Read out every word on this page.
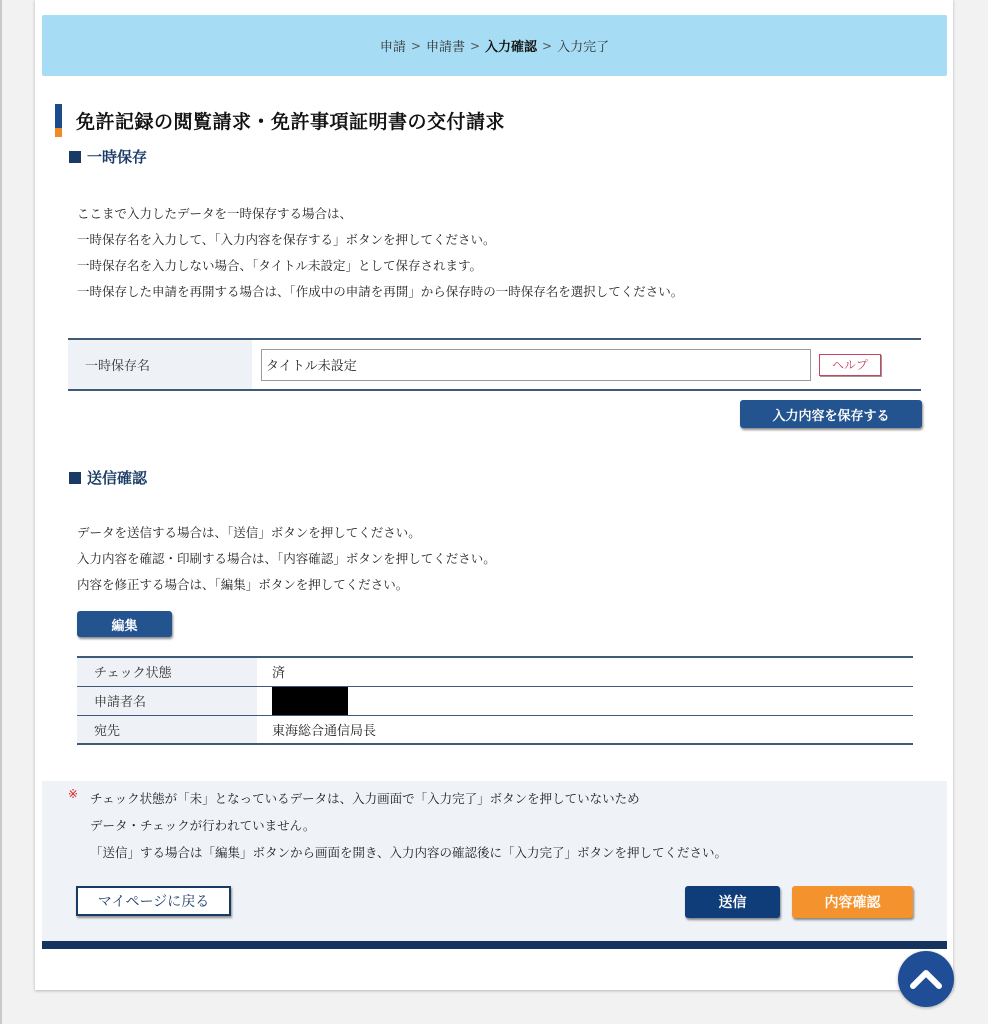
申請 > 申請書 > 入力確認 > 入力完了
免許記録の閲覧請求・免許事項証明書の交付請求
一時保存
ここまで入力したデータを一時保存する場合は、
一時保存名を入力して、「入力内容を保存する」ボタンを押してください。
一時保存名を入力しない場合、「タイトル未設定」として保存されます。
一時保存した申請を再開する場合は、「作成中の申請を再開」から保存時の一時保存名を選択してください。
一時保存名	タイトル未設定	ヘルプ
入力内容を保存する
送信確認
データを送信する場合は、「送信」ボタンを押してください。
入力内容を確認・印刷する場合は、「内容確認」ボタンを押してください。
内容を修正する場合は、「編集」ボタンを押してください。
編集
チェック状態	済
申請者名	
宛先	東海総合通信局長
※ チェック状態が「未」となっているデータは、入力画面で「入力完了」ボタンを押していないため
データ・チェックが行われていません。
「送信」する場合は「編集」ボタンから画面を開き、入力内容の確認後に「入力完了」ボタンを押してください。
マイページに戻る	送信	内容確認
